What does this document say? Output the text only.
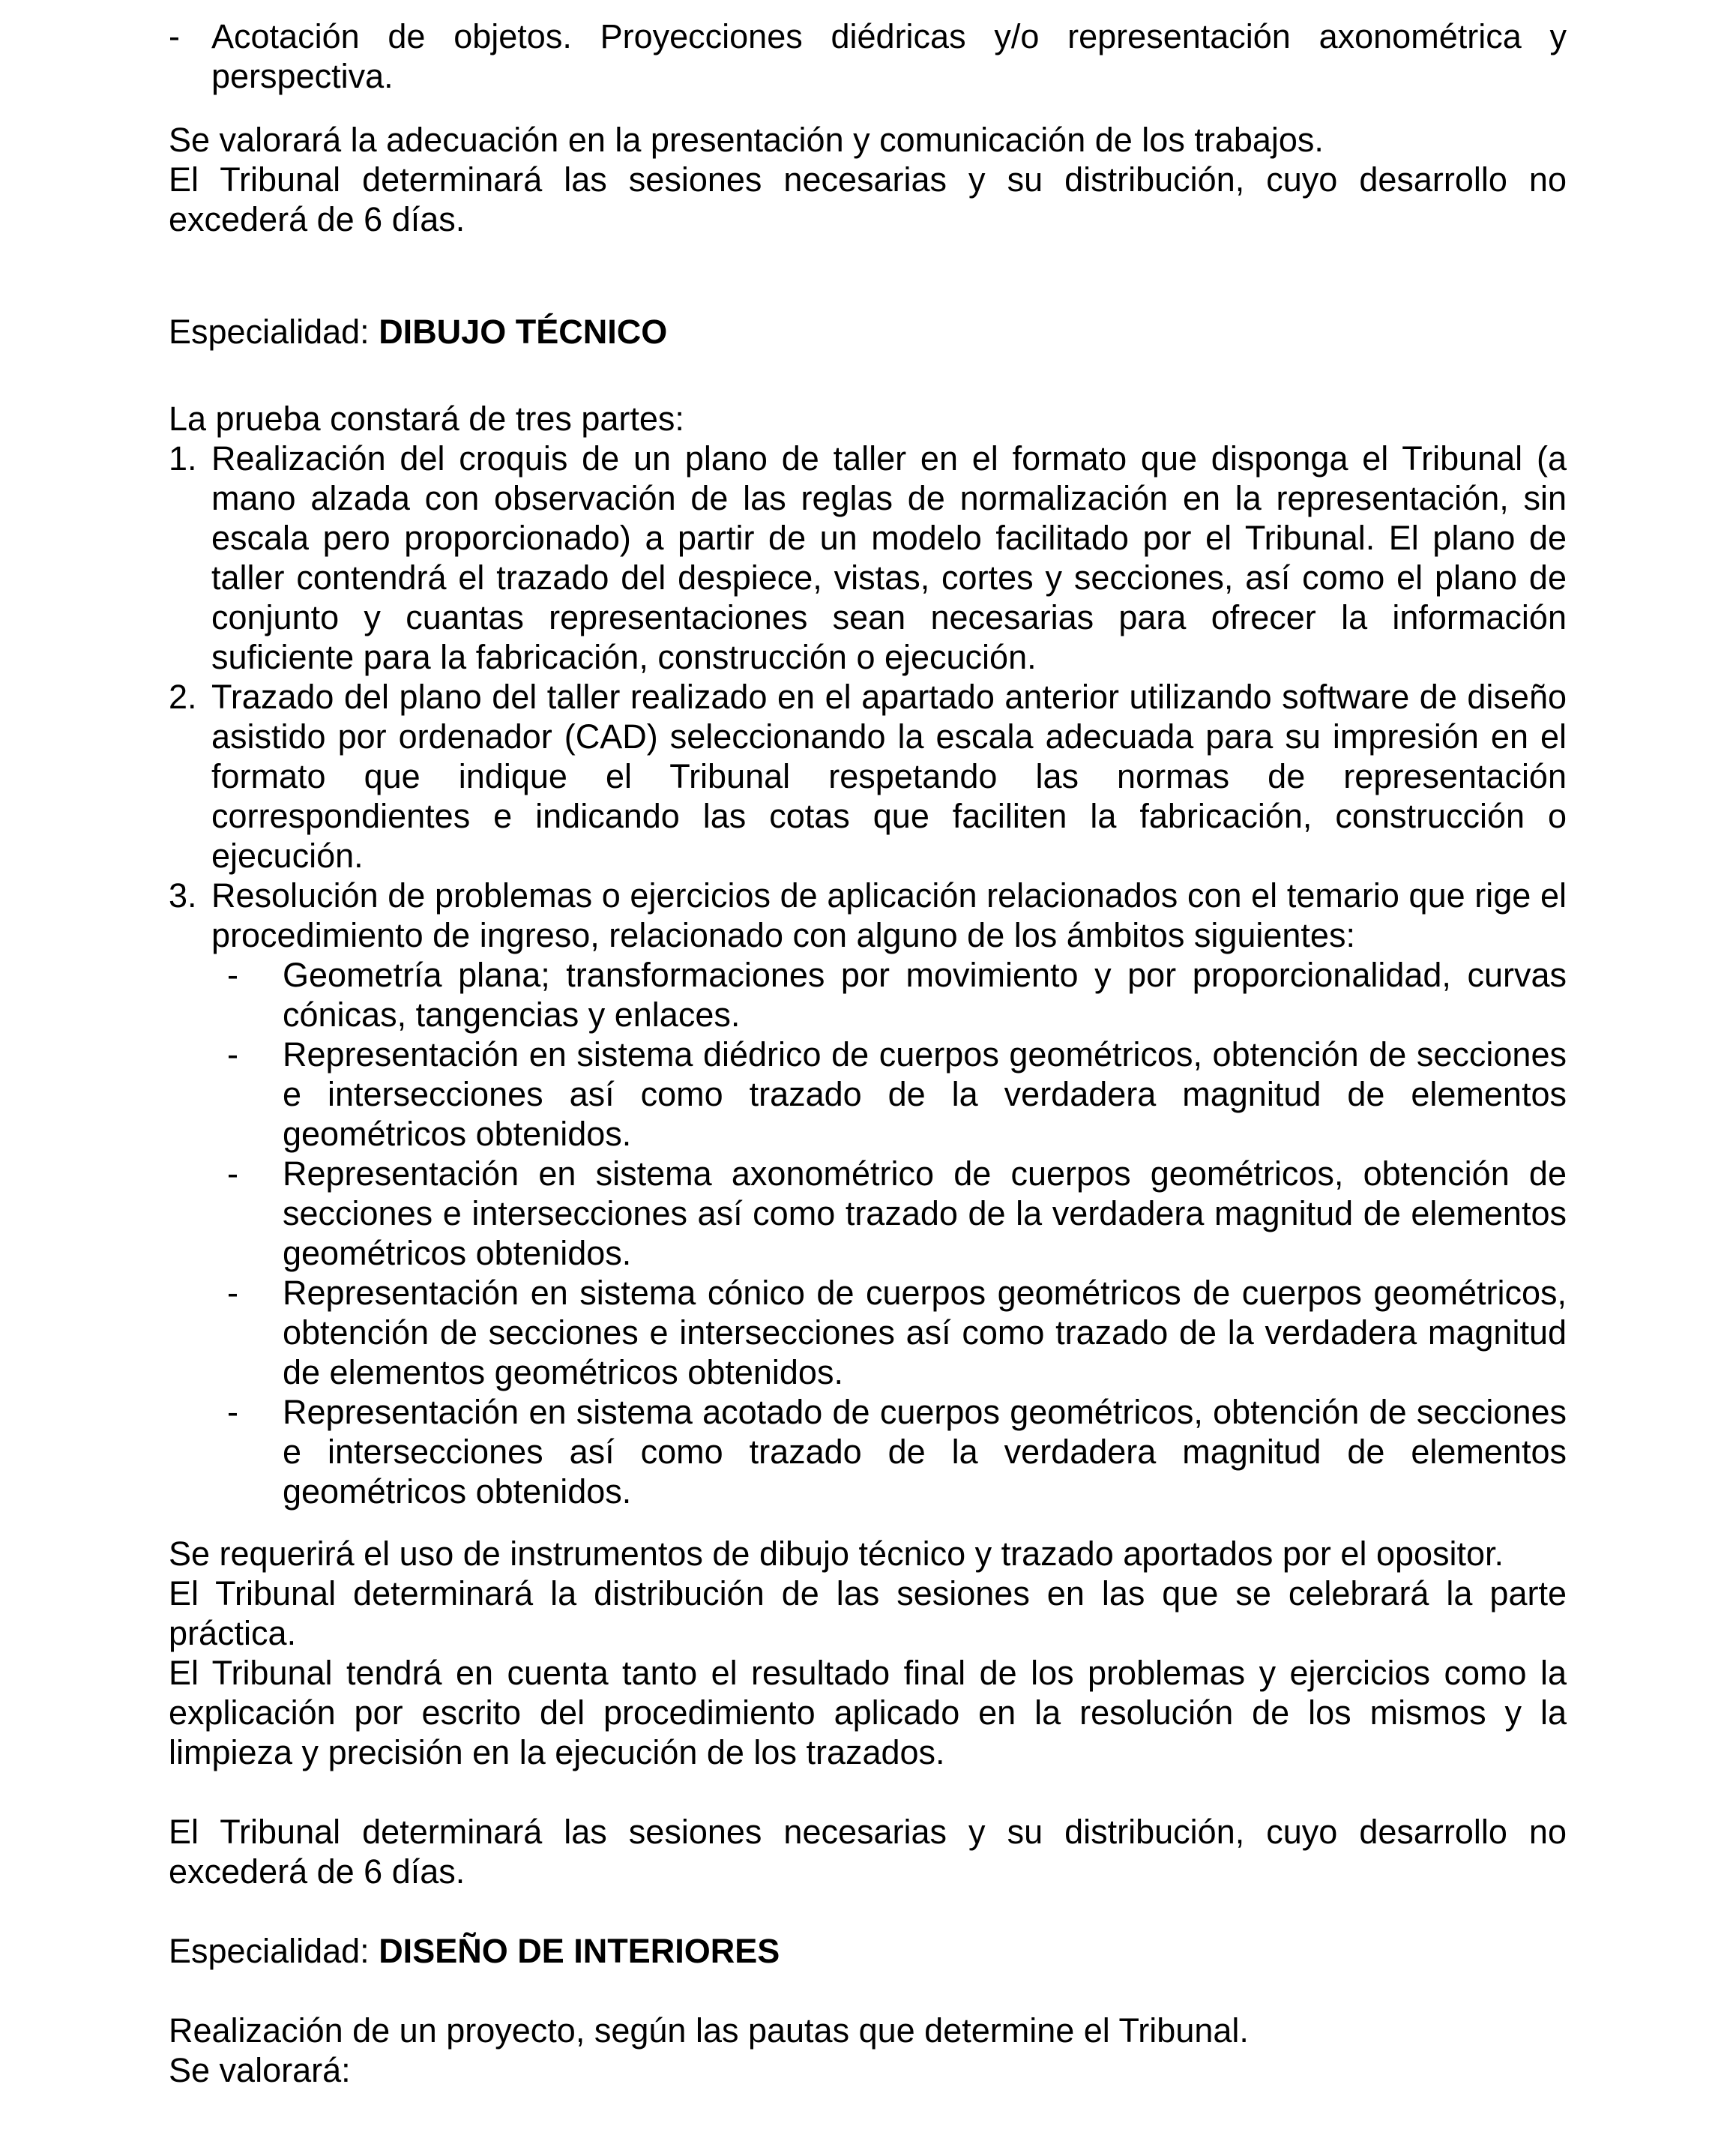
- Acotación de objetos. Proyecciones diédricas y/o representación axonométrica y perspectiva.

Se valorará la adecuación en la presentación y comunicación de los trabajos.

El Tribunal determinará las sesiones necesarias y su distribución, cuyo desarrollo no excederá de 6 días.

Especialidad: DIBUJO TÉCNICO

La prueba constará de tres partes:

1. Realización del croquis de un plano de taller en el formato que disponga el Tribunal (a mano alzada con observación de las reglas de normalización en la representación, sin escala pero proporcionado) a partir de un modelo facilitado por el Tribunal. El plano de taller contendrá el trazado del despiece, vistas, cortes y secciones, así como el plano de conjunto y cuantas representaciones sean necesarias para ofrecer la información suficiente para la fabricación, construcción o ejecución.
2. Trazado del plano del taller realizado en el apartado anterior utilizando software de diseño asistido por ordenador (CAD) seleccionando la escala adecuada para su impresión en el formato que indique el Tribunal respetando las normas de representación correspondientes e indicando las cotas que faciliten la fabricación, construcción o ejecución.
3. Resolución de problemas o ejercicios de aplicación relacionados con el temario que rige el procedimiento de ingreso, relacionado con alguno de los ámbitos siguientes:
- Geometría plana; transformaciones por movimiento y por proporcionalidad, curvas cónicas, tangencias y enlaces.
- Representación en sistema diédrico de cuerpos geométricos, obtención de secciones e intersecciones así como trazado de la verdadera magnitud de elementos geométricos obtenidos.
- Representación en sistema axonométrico de cuerpos geométricos, obtención de secciones e intersecciones así como trazado de la verdadera magnitud de elementos geométricos obtenidos.
- Representación en sistema cónico de cuerpos geométricos de cuerpos geométricos, obtención de secciones e intersecciones así como trazado de la verdadera magnitud de elementos geométricos obtenidos.
- Representación en sistema acotado de cuerpos geométricos, obtención de secciones e intersecciones así como trazado de la verdadera magnitud de elementos geométricos obtenidos.

Se requerirá el uso de instrumentos de dibujo técnico y trazado aportados por el opositor.

El Tribunal determinará la distribución de las sesiones en las que se celebrará la parte práctica.

El Tribunal tendrá en cuenta tanto el resultado final de los problemas y ejercicios como la explicación por escrito del procedimiento aplicado en la resolución de los mismos y la limpieza y precisión en la ejecución de los trazados.

El Tribunal determinará las sesiones necesarias y su distribución, cuyo desarrollo no excederá de 6 días.

Especialidad: DISEÑO DE INTERIORES

Realización de un proyecto, según las pautas que determine el Tribunal.

Se valorará:
